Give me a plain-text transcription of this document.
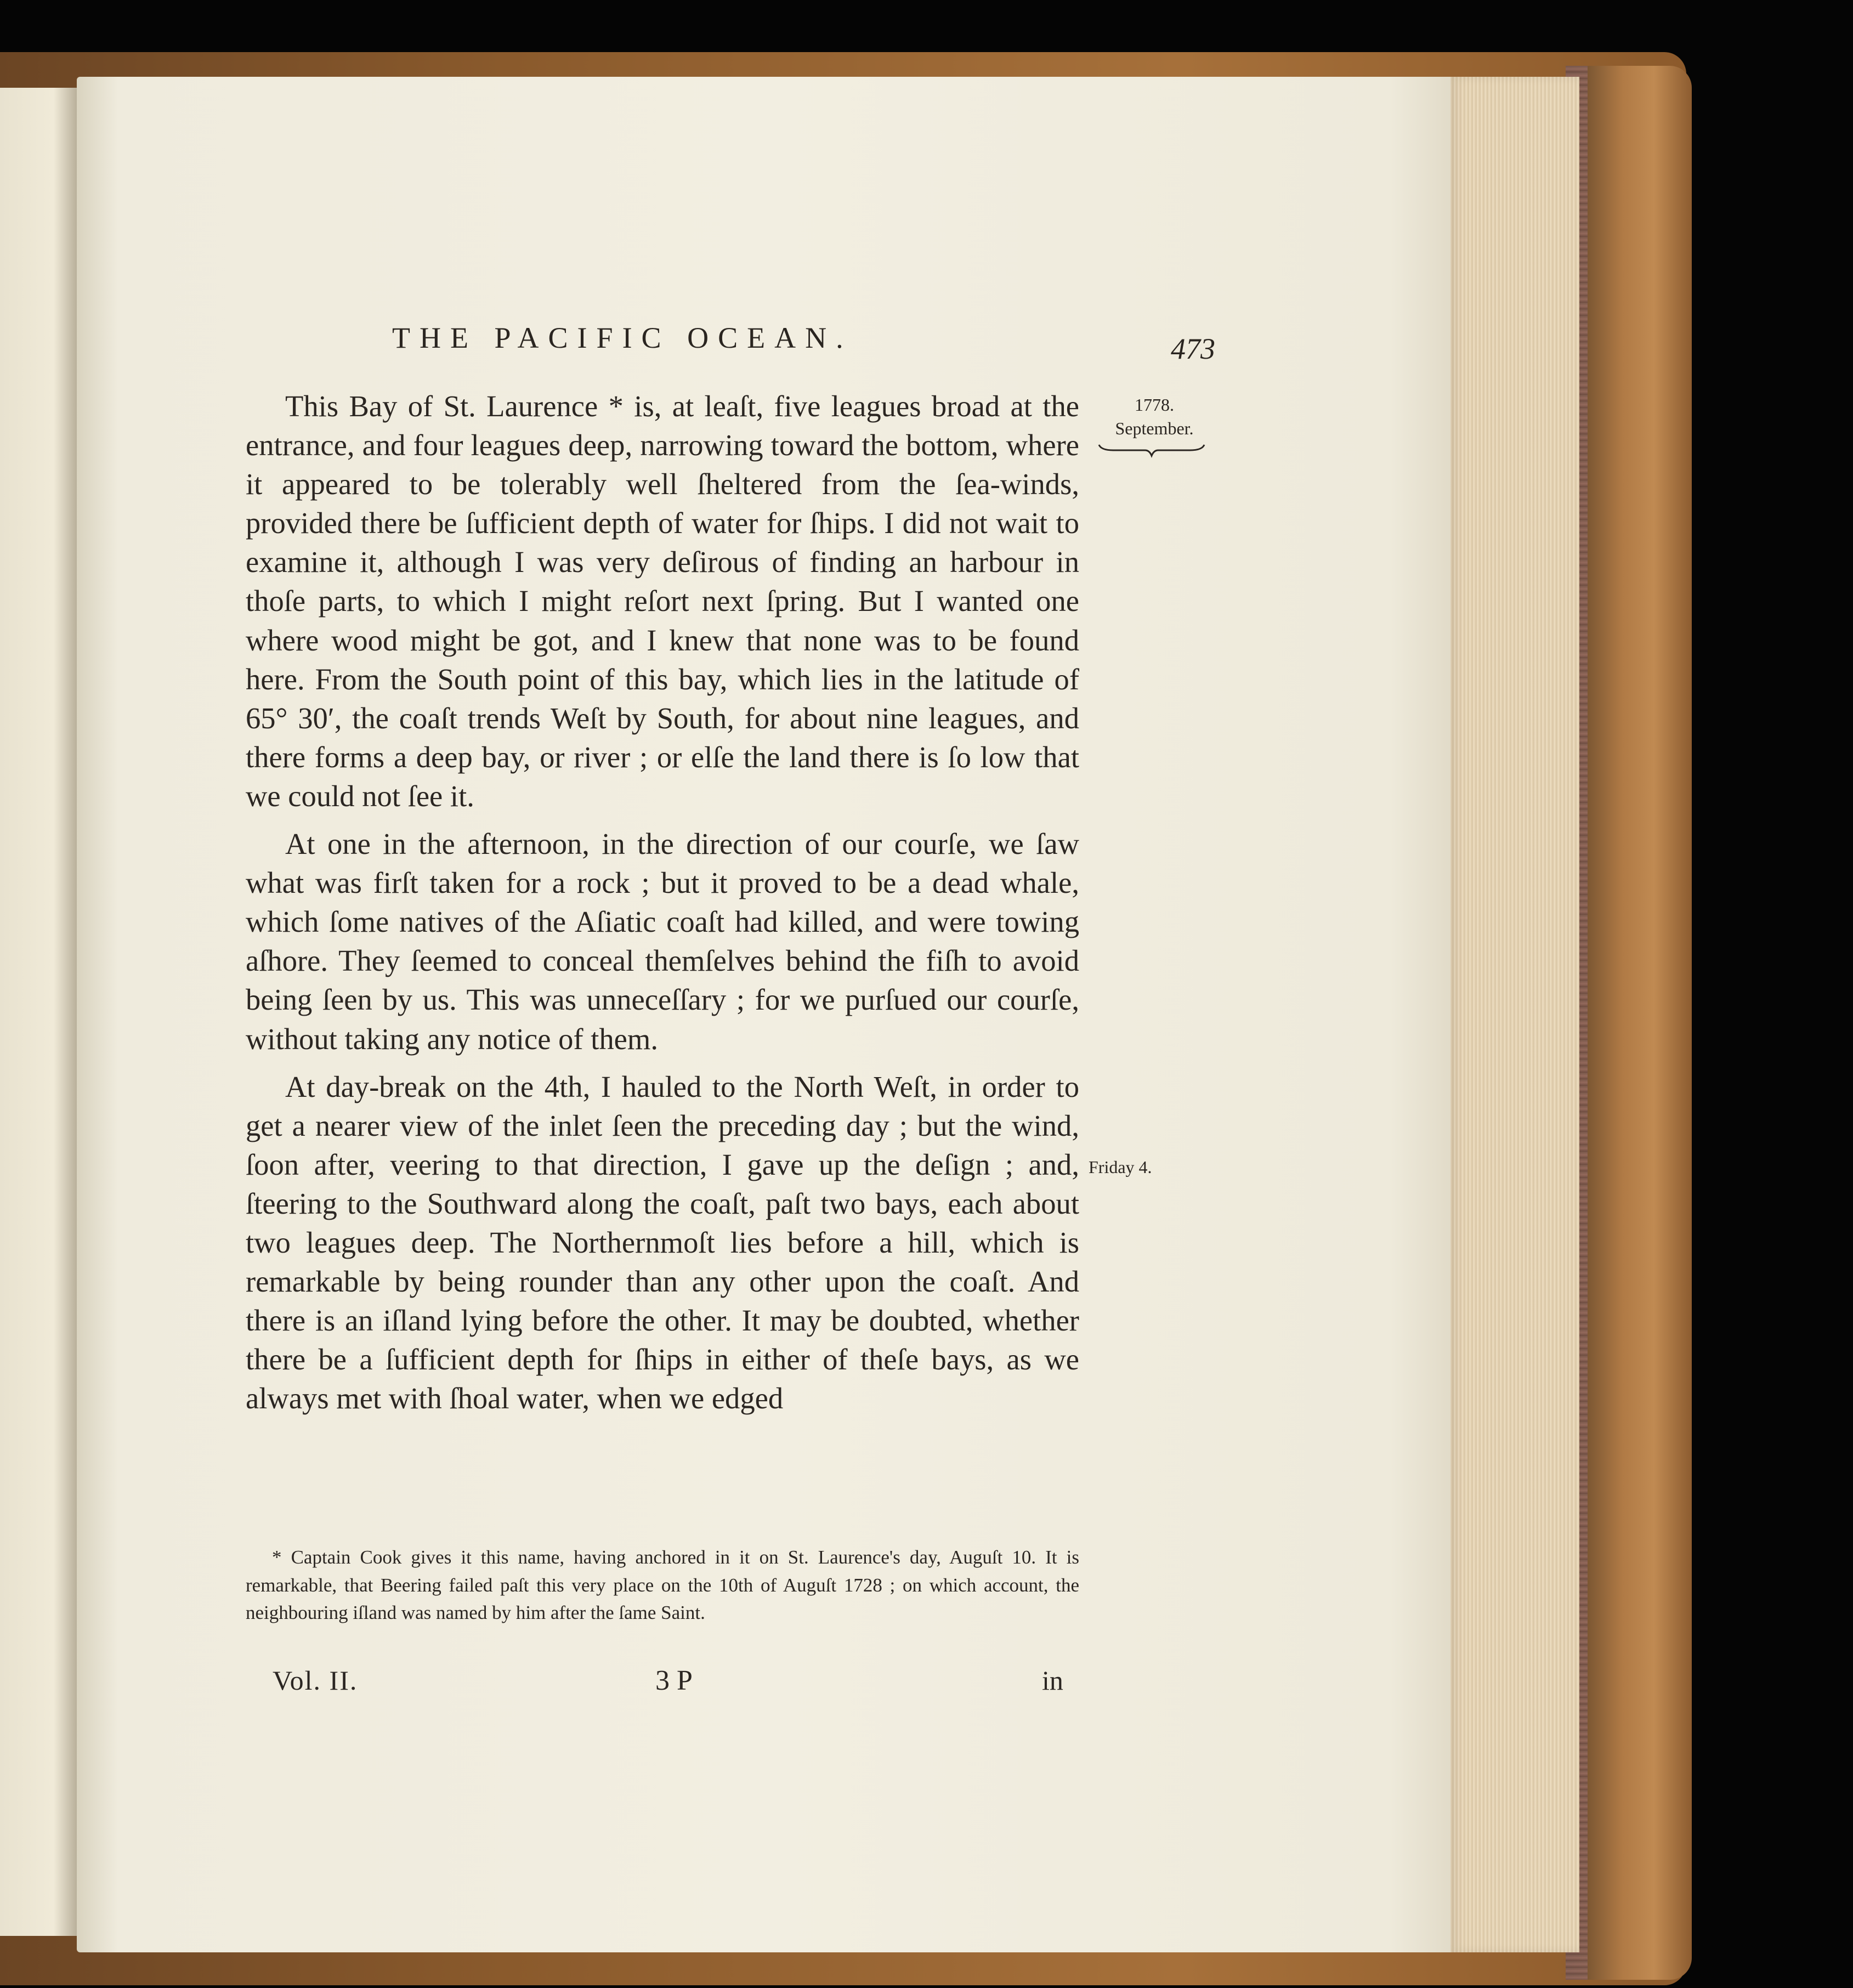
THE PACIFIC OCEAN.	473
1778.
September.
Friday 4.

This Bay of St. Laurence * is, at leaſt, five leagues broad at the entrance, and four leagues deep, narrowing toward the bottom, where it appeared to be tolerably well ſheltered from the ſea-winds, provided there be ſufficient depth of water for ſhips. I did not wait to examine it, although I was very deſirous of finding an harbour in thoſe parts, to which I might reſort next ſpring. But I wanted one where wood might be got, and I knew that none was to be found here. From the South point of this bay, which lies in the latitude of 65° 30′, the coaſt trends Weſt by South, for about nine leagues, and there forms a deep bay, or river ; or elſe the land there is ſo low that we could not ſee it.

At one in the afternoon, in the direction of our courſe, we ſaw what was firſt taken for a rock ; but it proved to be a dead whale, which ſome natives of the Aſiatic coaſt had killed, and were towing aſhore. They ſeemed to conceal themſelves behind the fiſh to avoid being ſeen by us. This was unneceſſary ; for we purſued our courſe, without taking any notice of them.

At day-break on the 4th, I hauled to the North Weſt, in order to get a nearer view of the inlet ſeen the preceding day ; but the wind, ſoon after, veering to that direction, I gave up the deſign ; and, ſteering to the Southward along the coaſt, paſt two bays, each about two leagues deep. The Northernmoſt lies before a hill, which is remarkable by being rounder than any other upon the coaſt. And there is an iſland lying before the other. It may be doubted, whether there be a ſufficient depth for ſhips in either of theſe bays, as we always met with ſhoal water, when we edged

* Captain Cook gives it this name, having anchored in it on St. Laurence's day, Auguſt 10. It is remarkable, that Beering failed paſt this very place on the 10th of Auguſt 1728 ; on which account, the neighbouring iſland was named by him after the ſame Saint.

Vol. II.	3 P	in
